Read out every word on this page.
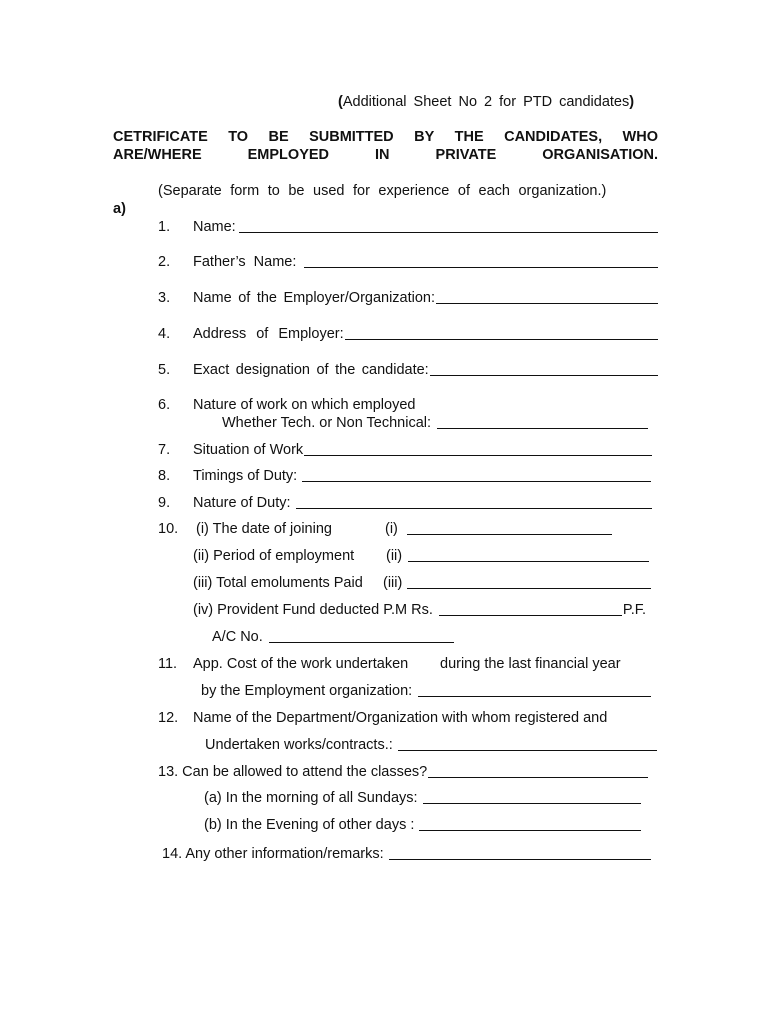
(Additional Sheet No 2 for PTD candidates)
CETRIFICATE TO BE SUBMITTED BY THE CANDIDATES, WHO
ARE/WHERE	EMPLOYED	IN	PRIVATE	ORGANISATION.
(Separate form to be used for experience of each organization.)
a)
1. Name:
2. Father’s Name:
3. Name of the Employer/Organization:
4. Address of Employer:
5. Exact designation of the candidate:
6. Nature of work on which employed
Whether Tech. or Non Technical:
7. Situation of Work
8. Timings of Duty:
9. Nature of Duty:
10. (i) The date of joining	(i)
(ii) Period of employment (ii)
(iii) Total emoluments Paid (iii)
(iv) Provident Fund deducted P.M Rs.	P.F.
A/C No.
11. App. Cost of the work undertaken during the last financial year
by the Employment organization:
12. Name of the Department/Organization with whom registered and
Undertaken works/contracts.:
13. Can be allowed to attend the classes?
(a) In the morning of all Sundays:
(b) In the Evening of other days :
14. Any other information/remarks:
